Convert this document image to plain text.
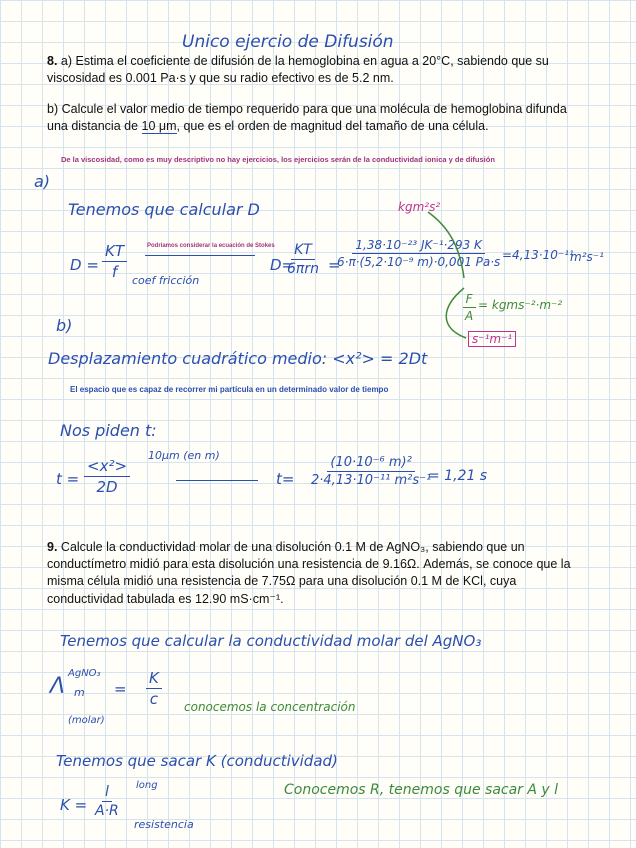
Unico ejercio de Difusión
8. a) Estima el coeficiente de difusión de la hemoglobina en agua a 20°C, sabiendo que su
viscosidad es 0.001 Pa·s y que su radio efectivo es de 5.2 nm.
b) Calcule el valor medio de tiempo requerido para que una molécula de hemoglobina difunda
una distancia de 10 μm, que es el orden de magnitud del tamaño de una célula.
De la viscosidad, como es muy descriptivo no hay ejercicios, los ejercicios serán de la conductividad ionica y de difusión
a)
Tenemos que calcular D	kgm²s²
$D = \frac{KT}{f}$ coef fricción
Podriamos considerar la ecuación de Stokes
D=
KT
6πrn =
$\frac{\text{1,38·10⁻²³ JK⁻¹·293 K}}{\text{6·π·(5,2·10⁻⁹ m)·0,001 Pa·s}}$
=4,13·10⁻¹¹
m²s⁻¹
$\frac{F}{A}$ = kgms⁻²·m⁻²
s⁻¹m⁻¹
b)
Desplazamiento cuadrático medio: <x²> = 2Dt
El espacio que es capaz de recorrer mi partícula en un determinado valor de tiempo
Nos piden t:
$t = \frac{\text{<x²>}}{2D}$
10μm (en m)
$t= \frac{\text{(10·10⁻⁶ m)²}}{\text{2·4,13·10⁻¹¹ m²s⁻¹}}$
= 1,21 s
9. Calcule la conductividad molar de una disolución 0.1 M de AgNO₃, sabiendo que un
conductímetro midió para esta disolución una resistencia de 9.16Ω. Además, se conoce que la
misma célula midió una resistencia de 7.75Ω para una disolución 0.1 M de KCl, cuya
conductividad tabulada es 12.90 mS·cm⁻¹.
Tenemos que calcular la conductividad molar del AgNO₃
Λ
AgNO₃
$m = \frac{K}{c}$ conocemos la concentración
(molar)
Tenemos que sacar K (conductividad)
$K = \frac{l}{A\cdot R}$ long
resistencia
Conocemos R, tenemos que sacar A y l
